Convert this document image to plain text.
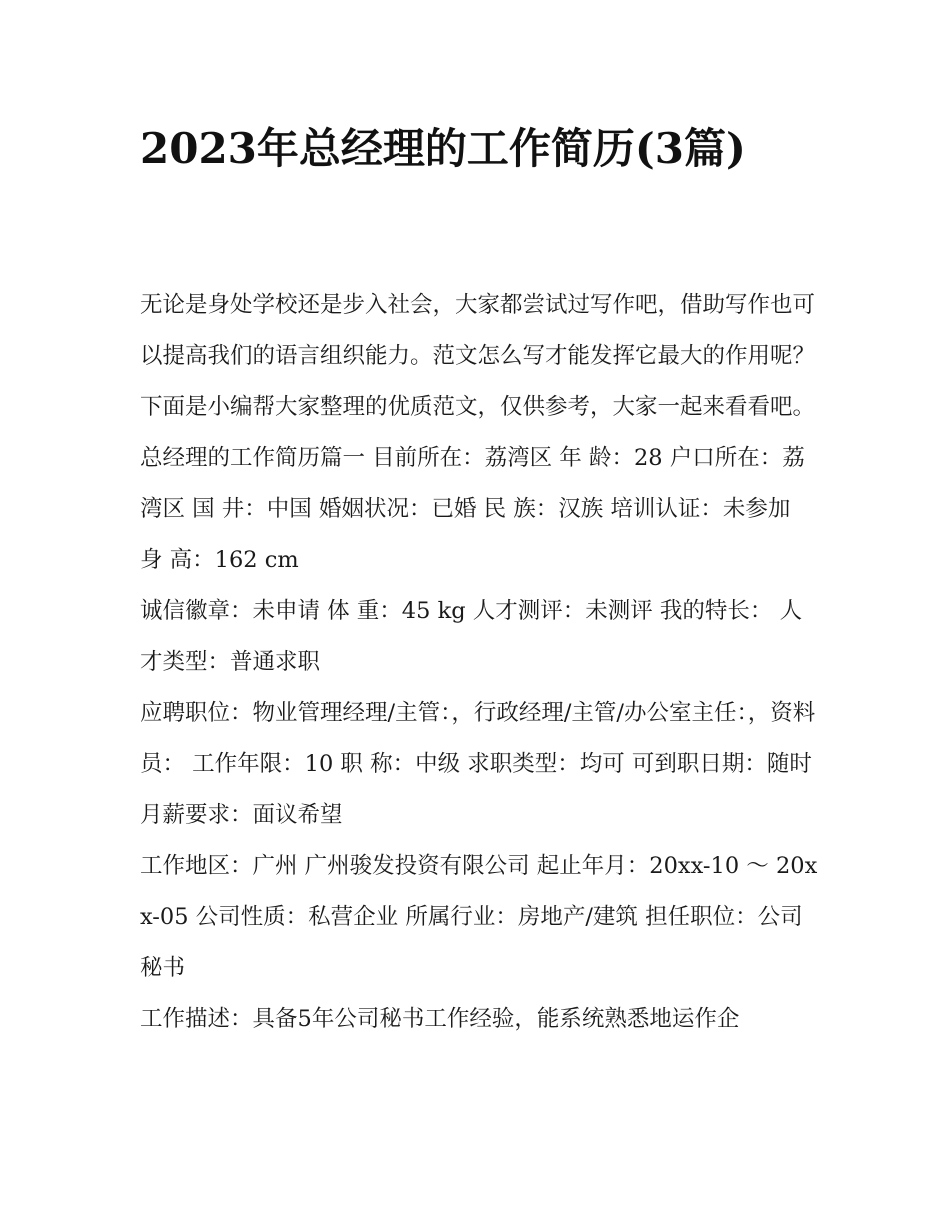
2023年总经理的工作简历(3篇)

无论是身处学校还是步入社会，大家都尝试过写作吧，借助写作也可以提高我们的语言组织能力。范文怎么写才能发挥它最大的作用呢？下面是小编帮大家整理的优质范文，仅供参考，大家一起来看看吧。

总经理的工作简历篇一 目前所在：荔湾区 年 龄：28 户口所在：荔湾区 国 井：中国 婚姻状况：已婚 民 族：汉族 培训认证：未参加 身 高：162 cm

诚信徽章：未申请 体 重：45 kg 人才测评：未测评 我的特长： 人才类型：普通求职

应聘职位：物业管理经理/主管：，行政经理/主管/办公室主任：，资料员： 工作年限：10 职 称：中级 求职类型：均可 可到职日期：随时 月薪要求：面议希望

工作地区：广州 广州骏发投资有限公司 起止年月：20xx-10 ～ 20xx-05 公司性质：私营企业 所属行业：房地产/建筑 担任职位：公司秘书

工作描述：具备5年公司秘书工作经验，能系统熟悉地运作企
